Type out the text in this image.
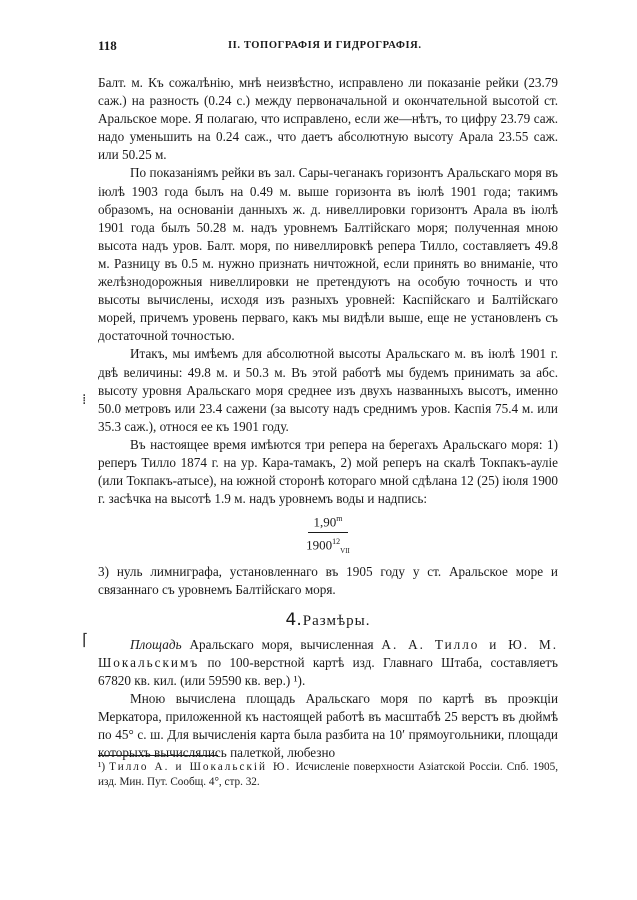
118	II. ТОПОГРАФІЯ И ГИДРОГРАФІЯ.
⁞
⌈

Балт. м. Къ сожалѣнію, мнѣ неизвѣстно, исправлено ли показаніе рейки (23.79 саж.) на разность (0.24 с.) между первоначальной и окончательной высотой ст. Аральское море. Я полагаю, что исправлено, если же—нѣтъ, то цифру 23.79 саж. надо уменьшить на 0.24 саж., что даетъ абсолютную высоту Арала 23.55 саж. или 50.25 м.

По показаніямъ рейки въ зал. Сары-чеганакъ горизонтъ Аральскаго моря въ іюлѣ 1903 года былъ на 0.49 м. выше горизонта въ іюлѣ 1901 года; такимъ образомъ, на основаніи данныхъ ж. д. нивеллировки горизонтъ Арала въ іюлѣ 1901 года былъ 50.28 м. надъ уровнемъ Балтійскаго моря; полученная мною высота надъ уров. Балт. моря, по нивеллировкѣ репера Тилло, составляетъ 49.8 м. Разницу въ 0.5 м. нужно признать ничтожной, если принять во вниманіе, что желѣзнодорожныя нивеллировки не претендуютъ на особую точность и что высоты вычислены, исходя изъ разныхъ уровней: Каспійскаго и Балтійскаго морей, причемъ уровень перваго, какъ мы видѣли выше, еще не установленъ съ достаточной точностью.

Итакъ, мы имѣемъ для абсолютной высоты Аральскаго м. въ іюлѣ 1901 г. двѣ величины: 49.8 м. и 50.3 м. Въ этой работѣ мы будемъ принимать за абс. высоту уровня Аральскаго моря среднее изъ двухъ названныхъ высотъ, именно 50.0 метровъ или 23.4 сажени (за высоту надъ среднимъ уров. Каспія 75.4 м. или 35.3 саж.), относя ее къ 1901 году.

Въ настоящее время имѣются три репера на берегахъ Аральскаго моря: 1) реперъ Тилло 1874 г. на ур. Кара-тамакъ, 2) мой реперъ на скалѣ Токпакъ-ауліе (или Токпакъ-атысе), на южной сторонѣ котораго мной сдѣлана 12 (25) іюля 1900 г. засѣчка на высотѣ 1.9 м. надъ уровнемъ воды и надпись:

1,90$^m$
$1900^{12}_{VII}$

3) нуль лимниграфа, установленнаго въ 1905 году у ст. Аральское море и связаннаго съ уровнемъ Балтійскаго моря.

4.Размѣры.

Площадь Аральскаго моря, вычисленная А. А. Тилло и Ю. М. Шокальскимъ по 100-верстной картѣ изд. Главнаго Штаба, составляетъ 67820 кв. кил. (или 59590 кв. вер.) ¹).

Мною вычислена площадь Аральскаго моря по картѣ въ проэкціи Меркатора, приложенной къ настоящей работѣ въ масштабѣ 25 верстъ въ дюймѣ по 45° с. ш. Для вычисленія карта была разбита на 10′ прямоугольники, площади которыхъ вычислялись палеткой, любезно

¹) Тилло А. и Шокальскій Ю. Исчисленіе поверхности Азіатской Россіи. Спб. 1905, изд. Мин. Пут. Сообщ. 4°, стр. 32.
